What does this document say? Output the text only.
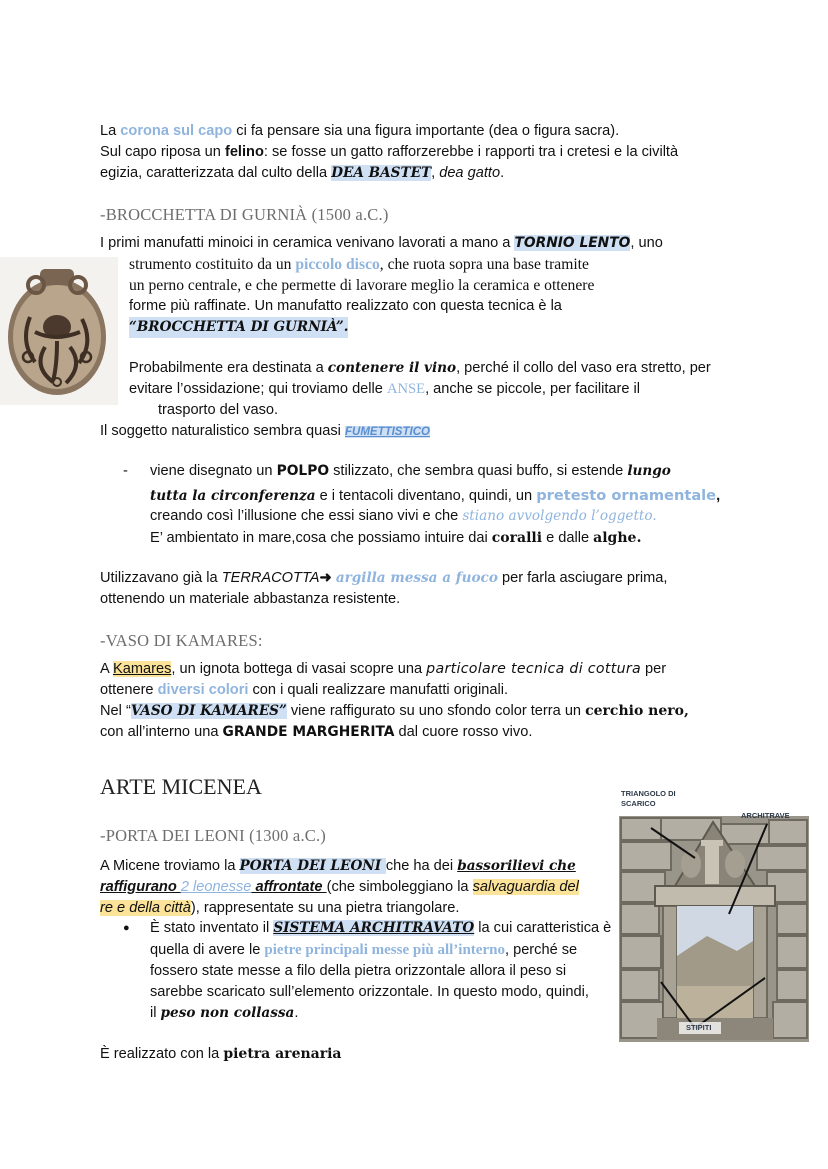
La corona sul capo ci fa pensare sia una figura importante (dea o figura sacra).
Sul capo riposa un felino: se fosse un gatto rafforzerebbe i rapporti tra i cretesi e la civiltà
egizia, caratterizzata dal culto della DEA BASTET, dea gatto.
-BROCCHETTA DI GURNIÀ (1500 a.C.)
I primi manufatti minoici in ceramica venivano lavorati a mano a TORNIO LENTO, uno
strumento costituito da un piccolo disco, che ruota sopra una base tramite
un perno centrale, e che permette di lavorare meglio la ceramica e ottenere
forme più raffinate. Un manufatto realizzato con questa tecnica è la
“BROCCHETTA DI GURNIÀ”.
Probabilmente era destinata a contenere il vino, perché il collo del vaso era stretto, per
evitare l’ossidazione; qui troviamo delle ANSE, anche se piccole, per facilitare il
trasporto del vaso.
Il soggetto naturalistico sembra quasi FUMETTISTICO
- viene disegnato un POLPO stilizzato, che sembra quasi buffo, si estende lungo
tutta la circonferenza e i tentacoli diventano, quindi, un pretesto ornamentale,
creando così l’illusione che essi siano vivi e che stiano avvolgendo l’oggetto.
E’ ambientato in mare,cosa che possiamo intuire dai coralli e dalle alghe.
Utilizzavano già la TERRACOTTA➜ argilla messa a fuoco per farla asciugare prima,
ottenendo un materiale abbastanza resistente.
-VASO DI KAMARES:
A Kamares, un ignota bottega di vasai scopre una particolare tecnica di cottura per
ottenere diversi colori con i quali realizzare manufatti originali.
Nel “VASO DI KAMARES” viene raffigurato su uno sfondo color terra un cerchio nero,
con all’interno una GRANDE MARGHERITA dal cuore rosso vivo.
ARTE MICENEA
-PORTA DEI LEONI (1300 a.C.)
A Micene troviamo la PORTA DEI LEONI che ha dei bassorilievi che
raffigurano 2 leonesse affrontate (che simboleggiano la salvaguardia del
re e della città), rappresentate su una pietra triangolare.
● È stato inventato il SISTEMA ARCHITRAVATO la cui caratteristica è
quella di avere le pietre principali messe più all’interno, perché se
fossero state messe a filo della pietra orizzontale allora il peso si
sarebbe scaricato sull’elemento orizzontale. In questo modo, quindi,
il peso non collassa.
È realizzato con la pietra arenaria
TRIANGOLO DI
SCARICO
ARCHITRAVE
STIPITI
